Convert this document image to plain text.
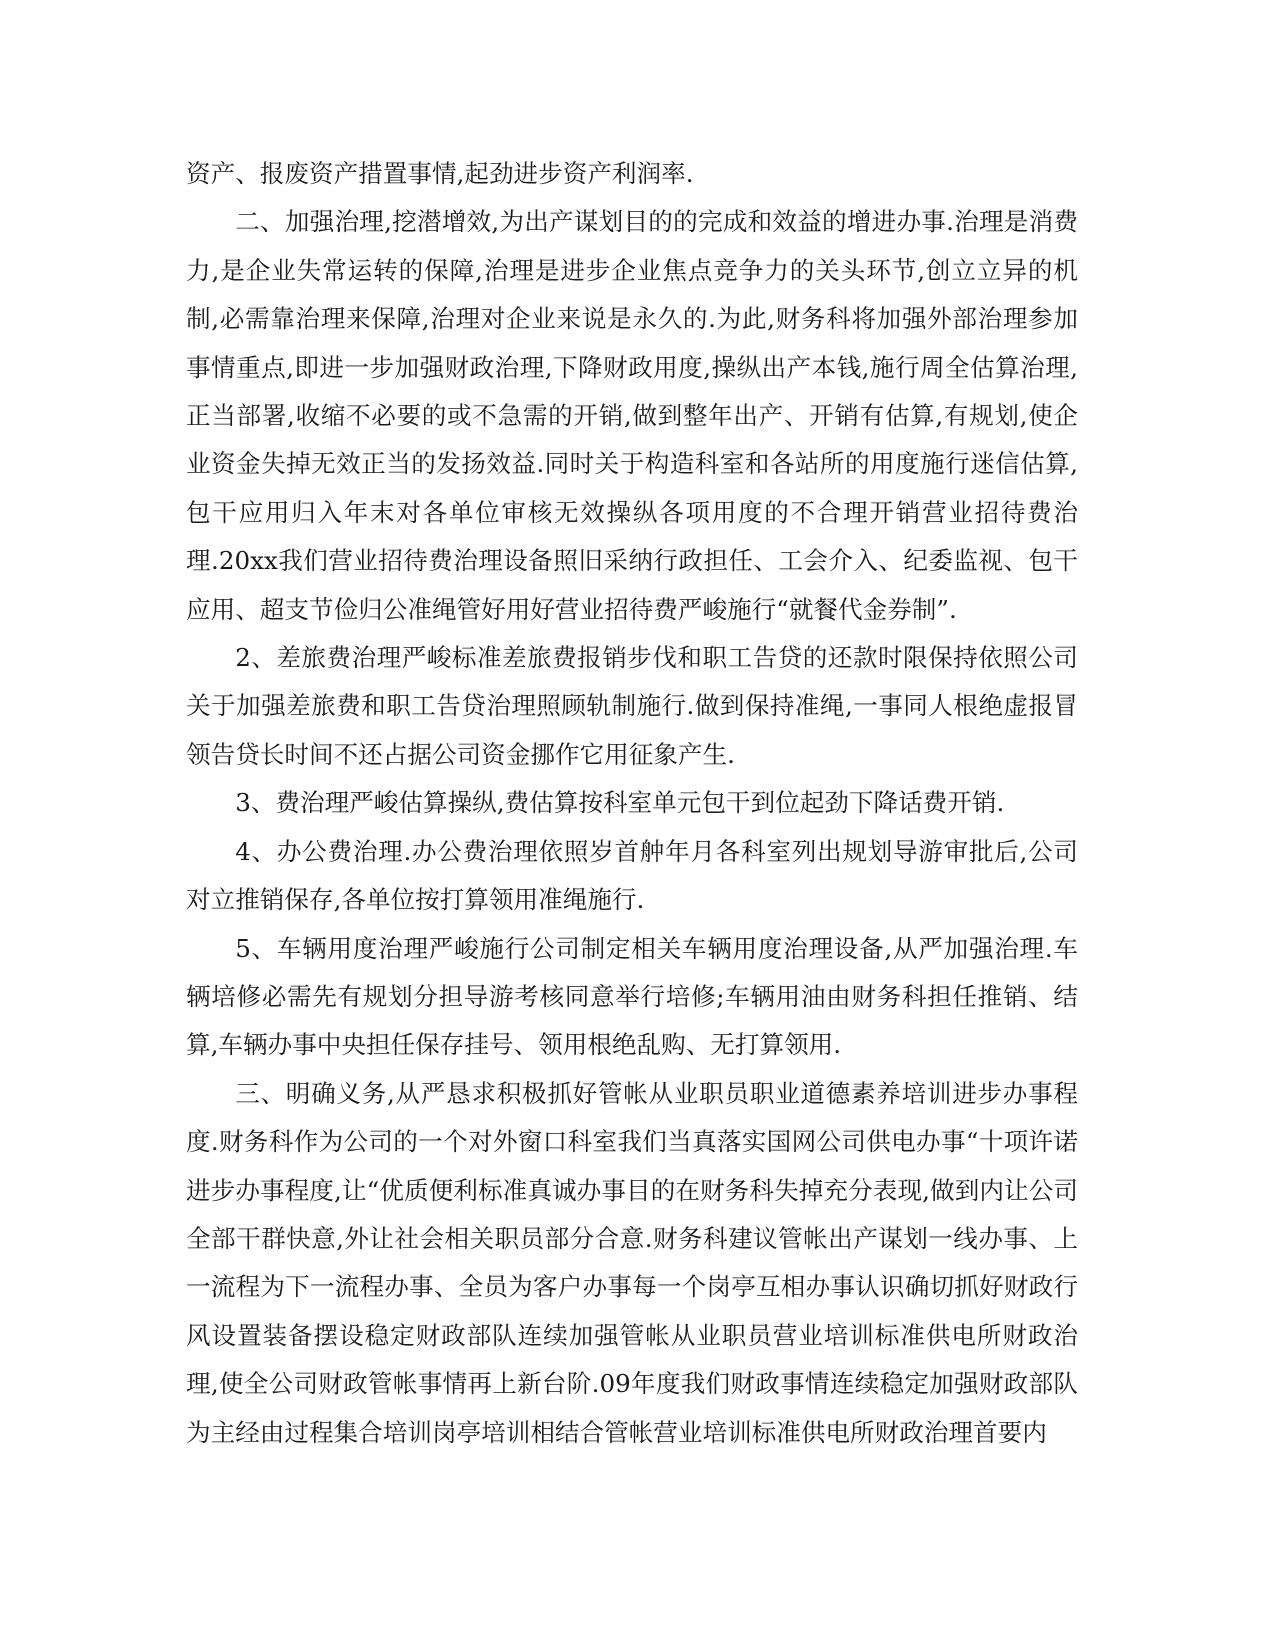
资产、报废资产措置事情,起劲进步资产利润率.

二、加强治理,挖潜增效,为出产谋划目的的完成和效益的增进办事.治理是消费力,是企业失常运转的保障,治理是进步企业焦点竞争力的关头环节,创立立异的机制,必需靠治理来保障,治理对企业来说是永久的.为此,财务科将加强外部治理参加事情重点,即进一步加强财政治理,下降财政用度,操纵出产本钱,施行周全估算治理,正当部署,收缩不必要的或不急需的开销,做到整年出产、开销有估算,有规划,使企业资金失掉无效正当的发扬效益.同时关于构造科室和各站所的用度施行迷信估算,包干应用归入年末对各单位审核无效操纵各项用度的不合理开销营业招待费治理.20xx我们营业招待费治理设备照旧采纳行政担任、工会介入、纪委监视、包干应用、超支节俭归公准绳管好用好营业招待费严峻施行“就餐代金券制”.

2、差旅费治理严峻标准差旅费报销步伐和职工告贷的还款时限保持依照公司关于加强差旅费和职工告贷治理照顾轨制施行.做到保持准绳,一事同人根绝虚报冒领告贷长时间不还占据公司资金挪作它用征象产生.

3、费治理严峻估算操纵,费估算按科室单元包干到位起劲下降话费开销.

4、办公费治理.办公费治理依照岁首舯年月各科室列出规划导游审批后,公司对立推销保存,各单位按打算领用准绳施行.

5、车辆用度治理严峻施行公司制定相关车辆用度治理设备,从严加强治理.车辆培修必需先有规划分担导游考核同意举行培修;车辆用油由财务科担任推销、结算,车辆办事中央担任保存挂号、领用根绝乱购、无打算领用.

三、明确义务,从严恳求积极抓好管帐从业职员职业道德素养培训进步办事程度.财务科作为公司的一个对外窗口科室我们当真落实国网公司供电办事“十项许诺进步办事程度,让“优质便利标准真诚办事目的在财务科失掉充分表现,做到内让公司全部干群快意,外让社会相关职员部分合意.财务科建议管帐出产谋划一线办事、上一流程为下一流程办事、全员为客户办事每一个岗亭互相办事认识确切抓好财政行风设置装备摆设稳定财政部队连续加强管帐从业职员营业培训标准供电所财政治理,使全公司财政管帐事情再上新台阶.09年度我们财政事情连续稳定加强财政部队为主经由过程集合培训岗亭培训相结合管帐营业培训标准供电所财政治理首要内
